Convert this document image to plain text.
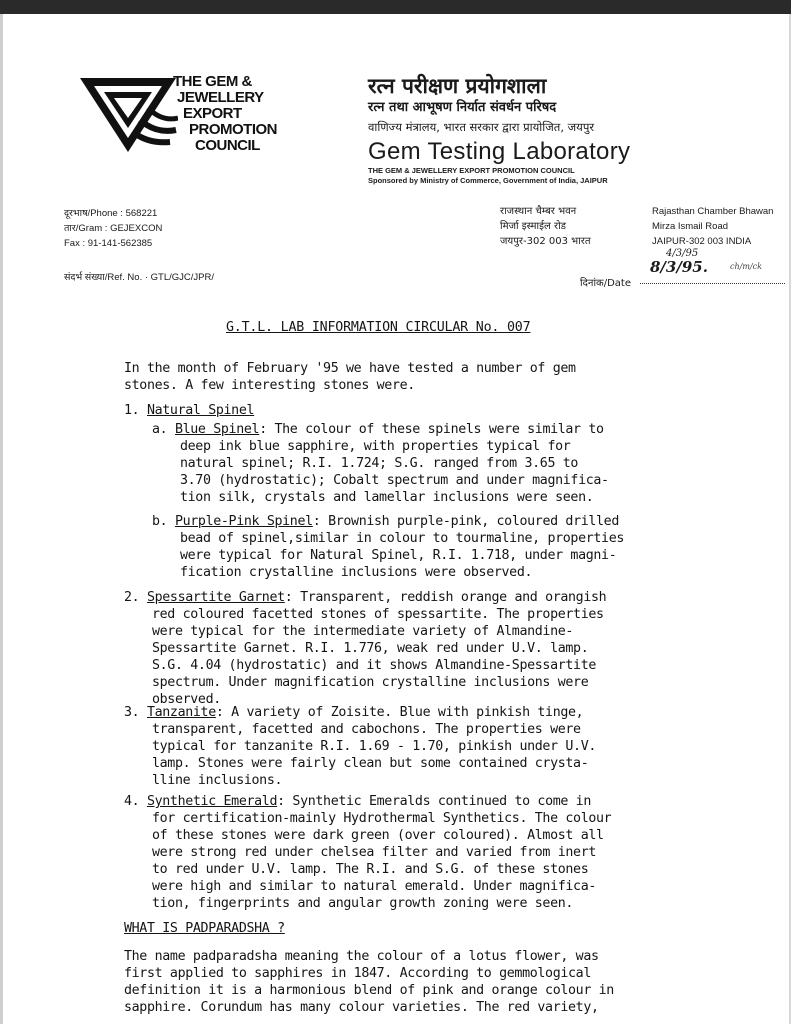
THE GEM &
JEWELLERY
EXPORT
PROMOTION
COUNCIL
रत्न परीक्षण प्रयोगशाला
रत्न तथा आभूषण निर्यात संवर्धन परिषद
वाणिज्य मंत्रालय, भारत सरकार द्वारा प्रायोजित, जयपुर
Gem Testing Laboratory
THE GEM & JEWELLERY EXPORT PROMOTION COUNCIL
Sponsored by Ministry of Commerce, Government of India, JAIPUR
दूरभाष/Phone : 568221
तार/Gram : GEJEXCON
Fax : 91-141-562385
संदर्भ संख्या/Ref. No. · GTL/GJC/JPR/
राजस्थान चैम्बर भवन
मिर्जा इस्माईल रोड
जयपुर-302 003 भारत
Rajasthan Chamber Bhawan
Mirza Ismail Road
JAIPUR-302 003 INDIA
4/3/95
दिनांक/Date
8/3/95.	ch/m/ck
G.T.L. LAB INFORMATION CIRCULAR No. 007
In the month of February '95 we have tested a number of gem
stones. A few interesting stones were.
1. Natural Spinel
a. Blue Spinel: The colour of these spinels were similar to
deep ink blue sapphire, with properties typical for
natural spinel; R.I. 1.724; S.G. ranged from 3.65 to
3.70 (hydrostatic); Cobalt spectrum and under magnifica-
tion silk, crystals and lamellar inclusions were seen.
b. Purple-Pink Spinel: Brownish purple-pink, coloured drilled
bead of spinel,similar in colour to tourmaline, properties
were typical for Natural Spinel, R.I. 1.718, under magni-
fication crystalline inclusions were observed.
2. Spessartite Garnet: Transparent, reddish orange and orangish
red coloured facetted stones of spessartite. The properties
were typical for the intermediate variety of Almandine-
Spessartite Garnet. R.I. 1.776, weak red under U.V. lamp.
S.G. 4.04 (hydrostatic) and it shows Almandine-Spessartite
spectrum. Under magnification crystalline inclusions were
observed.
3. Tanzanite: A variety of Zoisite. Blue with pinkish tinge,
transparent, facetted and cabochons. The properties were
typical for tanzanite R.I. 1.69 - 1.70, pinkish under U.V.
lamp. Stones were fairly clean but some contained crysta-
lline inclusions.
4. Synthetic Emerald: Synthetic Emeralds continued to come in
for certification-mainly Hydrothermal Synthetics. The colour
of these stones were dark green (over coloured). Almost all
were strong red under chelsea filter and varied from inert
to red under U.V. lamp. The R.I. and S.G. of these stones
were high and similar to natural emerald. Under magnifica-
tion, fingerprints and angular growth zoning were seen.
WHAT IS PADPARADSHA ?
The name padparadsha meaning the colour of a lotus flower, was
first applied to sapphires in 1847. According to gemmological
definition it is a harmonious blend of pink and orange colour in
sapphire. Corundum has many colour varieties. The red variety,
